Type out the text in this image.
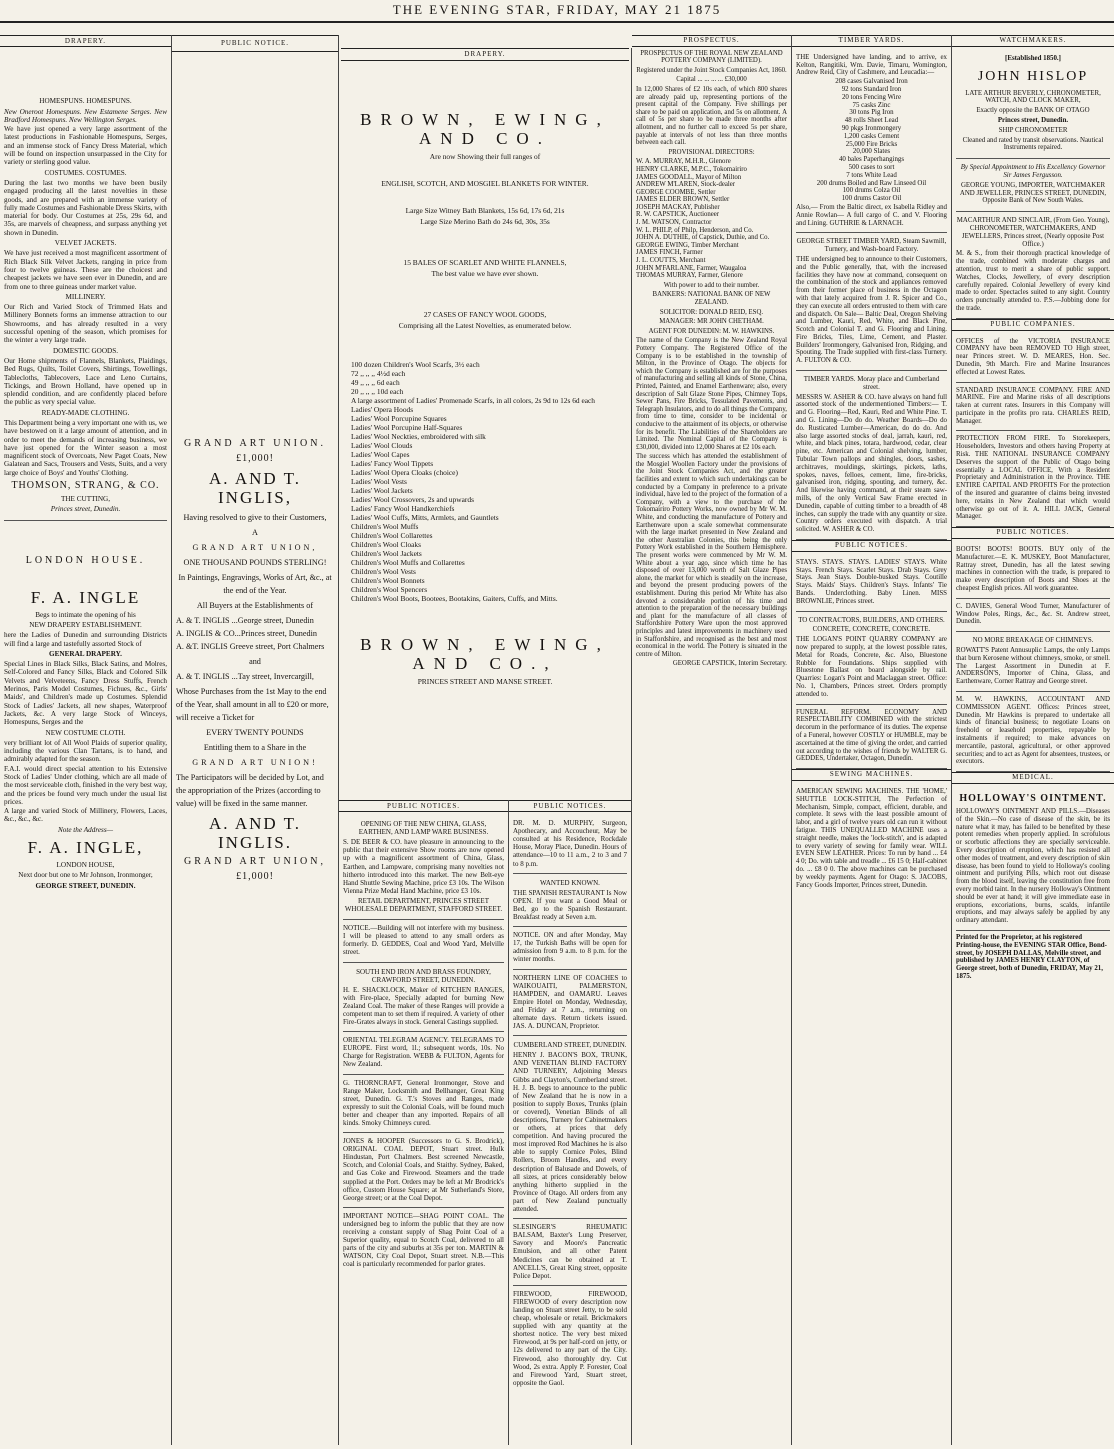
THE EVENING STAR, FRIDAY, MAY 21 1875
DRAPERY.
HOMESPUNS. HOMESPUNS.

New Oneroot Homespuns. New Estamene Serges. New Bradford Homespuns. New Wellington Serges.

We have just opened a very large assortment of the latest productions in Fashionable Homespuns, Serges, and an immense stock of Fancy Dress Material, which will be found on inspection unsurpassed in the City for variety or sterling good value.

COSTUMES. COSTUMES.

During the last two months we have been busily engaged producing all the latest novelties in these goods, and are prepared with an immense variety of fully made Costumes and Fashionable Dress Skirts, with material for body. Our Costumes at 25s, 29s 6d, and 35s, are marvels of cheapness, and surpass anything yet shown in Dunedin.

VELVET JACKETS.

We have just received a most magnificent assortment of Rich Black Silk Velvet Jackets, ranging in price from four to twelve guineas. These are the choicest and cheapest jackets we have seen ever in Dunedin, and are from one to three guineas under market value.

MILLINERY.

Our Rich and Varied Stock of Trimmed Hats and Millinery Bonnets forms an immense attraction to our Showrooms, and has already resulted in a very successful opening of the season, which promises for the winter a very large trade.

DOMESTIC GOODS.

Our Home shipments of Flannels, Blankets, Plaidings, Bed Rugs, Quilts, Toilet Covers, Shirtings, Towellings, Tablecloths, Tablecovers, Lace and Leno Curtains, Tickings, and Brown Holland, have opened up in splendid condition, and are confidently placed before the public as very special value.

READY-MADE CLOTHING.

This Department being a very important one with us, we have bestowed on it a large amount of attention, and in order to meet the demands of increasing business, we have just opened for the Winter season a most magnificent stock of Overcoats, New Paget Coats, New Galatean and Sacs, Trousers and Vests, Suits, and a very large choice of Boys' and Youths' Clothing.

THOMSON, STRANG, & CO.
THE CUTTING,
Princes street, Dunedin.
LONDON HOUSE.
F. A. INGLE
Begs to intimate the opening of his
NEW DRAPERY ESTABLISHMENT.

here the Ladies of Dunedin and surrounding Districts will find a large and tastefully assorted Stock of

GENERAL DRAPERY.

Special Lines in Black Silks, Black Satins, and Molres, Self-Colored and Fancy Silks, Black and Colored Silk Velvets and Velveteens, Fancy Dress Stuffs, French Merinos, Paris Model Costumes, Fichues, &c., Girls' Maids', and Children's made up Costumes. Splendid Stock of Ladies' Jackets, all new shapes, Waterproof Jackets, &c. A very large Stock of Winceys, Homespuns, Serges and the

NEW COSTUME CLOTH.

very brilliant lot of All Wool Plaids of superior quality, including the various Clan Tartans, is to hand, and admirably adapted for the season.

F.A.I. would direct special attention to his Extensive Stock of Ladies' Under clothing, which are all made of the most serviceable cloth, finished in the very best way, and the prices be found very much under the usual list prices.

A large and varied Stock of Millinery, Flowers, Laces, &c., &c., &c.

Note the Address—
F. A. INGLE,
LONDON HOUSE,
Next door but one to Mr Johnson, Ironmonger,
GEORGE STREET, DUNEDIN.
PUBLIC NOTICE.
GRAND ART UNION.
£1,000!
A. AND T. INGLIS,
Having resolved to give to their Customers,
A
GRAND ART UNION,
ONE THOUSAND POUNDS STERLING!
In Paintings, Engravings, Works of Art, &c., at the end of the Year.
All Buyers at the Establishments of
A. & T. INGLIS ...George street, Dunedin
A. INGLIS & CO...Princes street, Dunedin
A. &T. INGLIS Greeve street, Port Chalmers
and
A. & T. INGLIS ...Tay street, Invercargill,

Whose Purchases from the 1st May to the end of the Year, shall amount in all to £20 or more, will receive a Ticket for

EVERY TWENTY POUNDS
Entitling them to a Share in the
GRAND ART UNION!

The Participators will be decided by Lot, and the appropriation of the Prizes (according to value) will be fixed in the same manner.

A. AND T. INGLIS.
GRAND ART UNION,
£1,000!
DRAPERY.
BROWN, EWING, AND CO.
Are now Showing their full ranges of
ENGLISH, SCOTCH, AND MOSGIEL BLANKETS FOR WINTER.
Large Size Witney Bath Blankets, 15s 6d, 17s 6d, 21s
Large Size Merino Bath do 24s 6d, 30s, 35s
15 BALES OF SCARLET AND WHITE FLANNELS,
The best value we have ever shown.
27 CASES OF FANCY WOOL GOODS,
Comprising all the Latest Novelties, as enumerated below.
100 dozen Children's Wool Scarfs, 3½ each
72 ,, ,, ,, 4½d each
49 ,, ,, ,, 6d each
20 ,, ,, ,, 10d each
A large assortment of Ladies' Promenade Scarfs, in all colors, 2s 9d to 12s 6d each
Ladies' Opera Hoods
Ladies' Wool Porcupine Squares
Ladies' Wool Porcupine Half-Squares
Ladies' Wool Neckties, embroidered with silk
Ladies' Wool Clouds
Ladies' Wool Capes
Ladies' Fancy Wool Tippets
Ladies' Wool Opera Cloaks (choice)
Ladies' Wool Vests
Ladies' Wool Jackets
Ladies' Wool Crossovers, 2s and upwards
Ladies' Fancy Wool Handkerchiefs
Ladies' Wool Cuffs, Mitts, Armlets, and Gauntlets
Children's Wool Muffs
Children's Wool Collarettes
Children's Wool Cloaks
Children's Wool Jackets
Children's Wool Muffs and Collarettes
Children's Wool Vests
Children's Wool Bonnets
Children's Wool Spencers
Children's Wool Boots, Bootees, Bootakins, Gaiters, Cuffs, and Mitts.
BROWN, EWING, AND CO.,
PRINCES STREET AND MANSE STREET.
PUBLIC NOTICES.
OPENING OF THE NEW CHINA, GLASS, EARTHEN, AND LAMP WARE BUSINESS.

S. DE BEER & CO. have pleasure in announcing to the public that their extensive Show rooms are now opened up with a magnificent assortment of China, Glass, Earthen, and Lampware, comprising many novelties not hitherto introduced into this market. The new Belt-eye Hand Shuttle Sewing Machine, price £3 10s. The Wilson Vienna Prize Medal Hand Machine, price £3 10s.

RETAIL DEPARTMENT, PRINCES STREET WHOLESALE DEPARTMENT, STAFFORD STREET.

NOTICE.—Building will not interfere with my business. I will be pleased to attend to any small orders as formerly. D. GEDDES, Coal and Wood Yard, Melville street.

SOUTH END IRON AND BRASS FOUNDRY, CRAWFORD STREET, DUNEDIN.

H. E. SHACKLOCK, Maker of KITCHEN RANGES, with Fire-place, Specially adapted for burning New Zealand Coal. The maker of these Ranges will provide a competent man to set them if required. A variety of other Fire-Grates always in stock. General Castings supplied.

ORIENTAL TELEGRAM AGENCY. TELEGRAMS TO EUROPE. First word, 1l.; subsequent words, 10s. No Charge for Registration. WEBB & FULTON, Agents for New Zealand.

G. THORNCRAFT, General Ironmonger, Stove and Range Maker, Locksmith and Bellhanger, Great King street, Dunedin. G. T.'s Stoves and Ranges, made expressly to suit the Colonial Coals, will be found much better and cheaper than any imported. Repairs of all kinds. Smoky Chimneys cured.

JONES & HOOPER (Successors to G. S. Brodrick), ORIGINAL COAL DEPOT, Stuart street. Hulk Hindustan, Port Chalmers. Best screened Newcastle, Scotch, and Colonial Coals, and Staithy. Sydney, Baked, and Gas Coke and Firewood. Steamers and the trade supplied at the Port. Orders may be left at Mr Brodrick's office, Custom House Square; at Mr Sutherland's Store, George street; or at the Coal Depot.

IMPORTANT NOTICE—SHAG POINT COAL. The undersigned beg to inform the public that they are now receiving a constant supply of Shag Point Coal of a Superior quality, equal to Scotch Coal, delivered to all parts of the city and suburbs at 35s per ton. MARTIN & WATSON, City Coal Depot, Stuart street. N.B.—This coal is particularly recommended for parlor grates.

PUBLIC NOTICES.

DR. M. D. MURPHY, Surgeon, Apothecary, and Accoucheur, May be consulted at his Residence, Rockdale House, Moray Place, Dunedin. Hours of attendance—10 to 11 a.m., 2 to 3 and 7 to 8 p.m.

WANTED KNOWN.

THE SPANISH RESTAURANT Is Now OPEN. If you want a Good Meal or Bed, go to the Spanish Restaurant. Breakfast ready at Seven a.m.

NOTICE. ON and after Monday, May 17, the Turkish Baths will be open for admission from 9 a.m. to 8 p.m. for the winter months.

NORTHERN LINE OF COACHES to WAIKOUAITI, PALMERSTON, HAMPDEN, and OAMARU. Leaves Empire Hotel on Monday, Wednesday, and Friday at 7 a.m., returning on alternate days. Return tickets issued. JAS. A. DUNCAN, Proprietor.

CUMBERLAND STREET, DUNEDIN.

HENRY J. BACON'S BOX, TRUNK, AND VENETIAN BLIND FACTORY AND TURNERY, Adjoining Messrs Gibbs and Clayton's, Cumberland street. H. J. B. begs to announce to the public of New Zealand that he is now in a position to supply Boxes, Trunks (plain or covered), Venetian Blinds of all descriptions, Turnery for Cabinetmakers or others, at prices that defy competition. And having procured the most improved Rod Machines he is also able to supply Cornice Poles, Blind Rollers, Broom Handles, and every description of Balusade and Dowels, of all sizes, at prices considerably below anything hitherto supplied in the Province of Otago. All orders from any part of New Zealand punctually attended.

SLESINGER'S RHEUMATIC BALSAM, Baxter's Lung Preserver, Savory and Moore's Pancreatic Emulsion, and all other Patent Medicines can be obtained at T. ANCELL'S, Great King street, opposite Police Depot.

FIREWOOD, FIREWOOD, FIREWOOD of every description now landing on Stuart street Jetty, to be sold cheap, wholesale or retail. Brickmakers supplied with any quantity at the shortest notice. The very best mixed Firewood, at 9s per half-cord on jetty, or 12s delivered to any part of the City. Firewood, also thoroughly dry. Cut Wood, 2s extra. Apply P. Forester, Coal and Firewood Yard, Stuart street, opposite the Gaol.

PROSPECTUS.
PROSPECTUS OF THE ROYAL NEW ZEALAND POTTERY COMPANY (LIMITED).
Registered under the Joint Stock Companies Act, 1860.
Capital ... ... ... ... £30,000

In 12,000 Shares of £2 10s each, of which 800 shares are already paid up, representing portions of the present capital of the Company. Five shillings per share to be paid on application, and 5s on allotment. A call of 5s per share to be made three months after allotment, and no further call to exceed 5s per share, payable at intervals of not less than three months between each call.

PROVISIONAL DIRECTORS:
W. A. MURRAY, M.H.R., Glenore
HENRY CLARKE, M.P.C., Tokomairiro
JAMES GOODALL, Mayor of Milton
ANDREW M'LAREN, Stock-dealer
GEORGE COOMBE, Settler
JAMES ELDER BROWN, Settler
JOSEPH MACKAY, Publisher
R. W. CAPSTICK, Auctioneer
J. M. WATSON, Contractor
W. L. PHILP, of Philp, Henderson, and Co.
JOHN A. DUTHIE, of Capstick, Duthie, and Co.
GEORGE EWING, Timber Merchant
JAMES FINCH, Farmer
J. L. COUTTS, Merchant
JOHN M'FARLANE, Farmer, Waugaloa
THOMAS MURRAY, Farmer, Glenore
With power to add to their number.
BANKERS: NATIONAL BANK OF NEW ZEALAND.
SOLICITOR: DONALD REID, ESQ.
MANAGER: MR JOHN CHETHAM.
AGENT FOR DUNEDIN: M. W. HAWKINS.

The name of the Company is the New Zealand Royal Pottery Company. The Registered Office of the Company is to be established in the township of Milton, in the Province of Otago. The objects for which the Company is established are for the purposes of manufacturing and selling all kinds of Stone, China, Printed, Painted, and Enamel Earthenware; also, every description of Salt Glaze Stone Pipes, Chimney Tops, Sewer Pans, Fire Bricks, Tessulated Pavements, and Telegraph Insulators, and to do all things the Company, from time to time, consider to be incidental or conducive to the attainment of its objects, or otherwise for its benefit. The Liabilities of the Shareholders are Limited. The Nominal Capital of the Company is £30,000, divided into 12,000 Shares at £2 10s each.

The success which has attended the establishment of the Mosgiel Woollen Factory under the provisions of the Joint Stock Companies Act, and the greater facilities and extent to which such undertakings can be conducted by a Company in preference to a private individual, have led to the project of the formation of a Company, with a view to the purchase of the Tokomairiro Pottery Works, now owned by Mr W. M. White, and conducting the manufacture of Pottery and Earthenware upon a scale somewhat commensurate with the large market presented in New Zealand and the other Australian Colonies, this being the only Pottery Work established in the Southern Hemisphere. The present works were commenced by Mr W. M. White about a year ago, since which time he has disposed of over 13,000 worth of Salt Glaze Pipes alone, the market for which is steadily on the increase, and beyond the present producing powers of the establishment. During this period Mr White has also devoted a considerable portion of his time and attention to the preparation of the necessary buildings and plant for the manufacture of all classes of Staffordshire Pottery Ware upon the most approved principles and latest improvements in machinery used in Staffordshire, and recognised as the best and most economical in the world. The Pottery is situated in the centre of Milton.

GEORGE CAPSTICK, Interim Secretary.
TIMBER YARDS.

THE Undersigned have landing, and to arrive, ex Kelton, Rangitiki, Wm. Davie, Timaru, Womington, Andrew Reid, City of Cashmere, and Leucadia:—

208 cases Galvanised Iron
92 tons Standard Iron
20 tons Fencing Wire
75 casks Zinc
30 tons Pig Iron
48 rolls Sheet Lead
90 pkgs Ironmongery
1,200 casks Cement
25,000 Fire Bricks
20,000 Slates
40 bales Paperhangings
500 cases to sort
7 tons White Lead
200 drums Boiled and Raw Linseed Oil
100 drums Colza Oil
100 drums Castor Oil

Also,— From the Baltic direct, ex Isabella Ridley and Annie Rowlan— A full cargo of C. and V. Flooring and Lining. GUTHRIE & LARNACH.

GEORGE STREET TIMBER YARD, Steam Sawmill, Turnery, and Wash-board Factory.

THE undersigned beg to announce to their Customers, and the Public generally, that, with the increased facilities they have now at command, consequent on the combination of the stock and appliances removed from their former place of business in the Octagon with that lately acquired from J. R. Spicer and Co., they can execute all orders entrusted to them with care and dispatch. On Sale— Baltic Deal, Oregon Shelving and Lumber, Kauri, Red, White, and Black Pine, Scotch and Colonial T. and G. Flooring and Lining. Fire Bricks, Tiles, Lime, Cement, and Plaster. Builders' Ironmongery, Galvanised Iron, Ridging, and Spouting. The Trade supplied with first-class Turnery. A. FULTON & CO.

TIMBER YARDS. Moray place and Cumberland street.

MESSRS W. ASHER & CO. have always on hand full assorted stock of the undermentioned Timbers:— T. and G. Flooring—Red, Kauri, Red and White Pine. T. and G. Lining—Do do do. Weather Boards—Do do do. Rusticated Lumber—American, do do do. And also large assorted stocks of deal, jarrah, kauri, red, white, and black pines, totara, hardwood, cedar, clear pine, etc. American and Colonial shelving, lumber, Tubular Town pallops and shingles, doors, sashes, architraves, mouldings, skirtings, pickets, laths, spokes, naves, felloes, cement, lime, fire-bricks, galvanised iron, ridging, spouting, and turnery, &c. And likewise having command, at their steam saw-mills, of the only Vertical Saw Frame erected in Dunedin, capable of cutting timber to a breadth of 48 inches, can supply the trade with any quantity or size. Country orders executed with dispatch. A trial solicited. W. ASHER & CO.

PUBLIC NOTICES.

STAYS. STAYS. STAYS. LADIES' STAYS. White Stays. French Stays. Scarlet Stays. Drab Stays. Grey Stays. Jean Stays. Double-busked Stays. Coutille Stays. Maids' Stays. Children's Stays. Infants' Tie Bands. Underclothing. Baby Linen. MISS BROWNLIE, Princes street.

TO CONTRACTORS, BUILDERS, AND OTHERS.
CONCRETE, CONCRETE, CONCRETE.

THE LOGAN'S POINT QUARRY COMPANY are now prepared to supply, at the lowest possible rates, Metal for Roads, Concrete, &c. Also, Bluestone Rubble for Foundations. Ships supplied with Bluestone Ballast on board alongside by rail. Quarries: Logan's Point and Maclaggan street. Office: No. 1, Chambers, Princes street. Orders promptly attended to.

FUNERAL REFORM. ECONOMY AND RESPECTABILITY COMBINED with the strictest decorum in the performance of its duties. The expense of a Funeral, however COSTLY or HUMBLE, may be ascertained at the time of giving the order, and carried out according to the wishes of friends by WALTER G. GEDDES, Undertaker, Octagon, Dunedin.

SEWING MACHINES.

AMERICAN SEWING MACHINES. THE 'HOME,' SHUTTLE LOCK-STITCH, The Perfection of Mechanism, Simple, compact, efficient, durable, and complete. It sews with the least possible amount of labor, and a girl of twelve years old can run it without fatigue. THIS UNEQUALLED MACHINE uses a straight needle, makes the 'lock-stitch', and is adapted to every variety of sewing for family wear. WILL EVEN SEW LEATHER. Prices: To run by hand ... £4 4 0; Do. with table and treadle ... £6 15 0; Half-cabinet do. ... £8 0 0. The above machines can be purchased by weekly payments. Agent for Otago: S. JACOBS, Fancy Goods Importer, Princes street, Dunedin.

WATCHMAKERS.
[Established 1850.]
JOHN HISLOP
LATE ARTHUR BEVERLY, CHRONOMETER, WATCH, AND CLOCK MAKER,
Exactly opposite the BANK OF OTAGO
Princes street, Dunedin.
SHIP CHRONOMETER
Cleaned and rated by transit observations. Nautical Instruments repaired.
By Special Appointment to His Excellency Governor Sir James Fergusson.
GEORGE YOUNG, IMPORTER, WATCHMAKER AND JEWELLER, PRINCES STREET, DUNEDIN, Opposite Bank of New South Wales.
MACARTHUR AND SINCLAIR, (From Geo. Young), CHRONOMETER, WATCHMAKERS, AND JEWELLERS, Princes street, (Nearly opposite Post Office.)

M. & S., from their thorough practical knowledge of the trade, combined with moderate charges and attention, trust to merit a share of public support. Watches, Clocks, Jewellery, of every description carefully repaired. Colonial Jewellery of every kind made to order. Spectacles suited to any sight. Country orders punctually attended to. P.S.—Jobbing done for the trade.

PUBLIC COMPANIES.

OFFICES of the VICTORIA INSURANCE COMPANY have been REMOVED TO High street, near Princes street. W. D. MEARES, Hon. Sec. Dunedin, 9th March. Fire and Marine Insurances effected at Lowest Rates.

STANDARD INSURANCE COMPANY. FIRE AND MARINE. Fire and Marine risks of all descriptions taken at current rates. Insurers in this Company will participate in the profits pro rata. CHARLES REID, Manager.

PROTECTION FROM FIRE. To Storekeepers, Householders, Investors and others having Property at Risk. THE NATIONAL INSURANCE COMPANY Deserves the support of the Public of Otago being essentially a LOCAL OFFICE, With a Resident Proprietary and Administration in the Province. THE ENTIRE CAPITAL AND PROFITS For the protection of the insured and guarantee of claims being invested here, retains in New Zealand that which would otherwise go out of it. A. HILL JACK, General Manager.

PUBLIC NOTICES.

BOOTS! BOOTS! BOOTS. BUY only of the Manufacturer.—E. K. MUSKEY, Boot Manufacturer, Rattray street, Dunedin, has all the latest sewing machines in connection with the trade, is prepared to make every description of Boots and Shoes at the cheapest English prices. All work guarantee.

C. DAVIES, General Wood Turner, Manufacturer of Window Poles, Rings, &c., &c. St. Andrew street, Dunedin.

NO MORE BREAKAGE OF CHIMNEYS.

ROWATT'S Patent Annusuplic Lamps, the only Lamps that burn Kerosene without chimneys, smoke, or smell. The Largest Assortment in Dunedin at F. ANDERSON'S, Importer of China, Glass, and Earthenware, Corner Rattray and George street.

M. W. HAWKINS, ACCOUNTANT AND COMMISSION AGENT. Offices: Princes street, Dunedin. Mr Hawkins is prepared to undertake all kinds of financial business; to negotiate Loans on freehold or leasehold properties, repayable by instalments if required; to make advances on mercantile, pastoral, agricultural, or other approved securities; and to act as Agent for absentees, trustees, or executors.

MEDICAL.
HOLLOWAY'S OINTMENT.

HOLLOWAY'S OINTMENT AND PILLS.—Diseases of the Skin.—No case of disease of the skin, be its nature what it may, has failed to be benefited by these potent remedies when properly applied. In scrofulous or scorbutic affections they are specially serviceable. Every description of eruption, which has resisted all other modes of treatment, and every description of skin disease, has been found to yield to Holloway's cooling ointment and purifying Pills, which root out disease from the blood itself, leaving the constitution free from every morbid taint. In the nursery Holloway's Ointment should be ever at hand; it will give immediate ease in eruptions, excoriations, burns, scalds, infantile eruptions, and may always safely be applied by any ordinary attendant.

Printed for the Proprietor, at his registered Printing-house, the EVENING STAR Office, Bond-street, by JOSEPH DALLAS, Melville street, and published by JAMES HENRY CLAYTON, of George street, both of Dunedin, FRIDAY, May 21, 1875.
